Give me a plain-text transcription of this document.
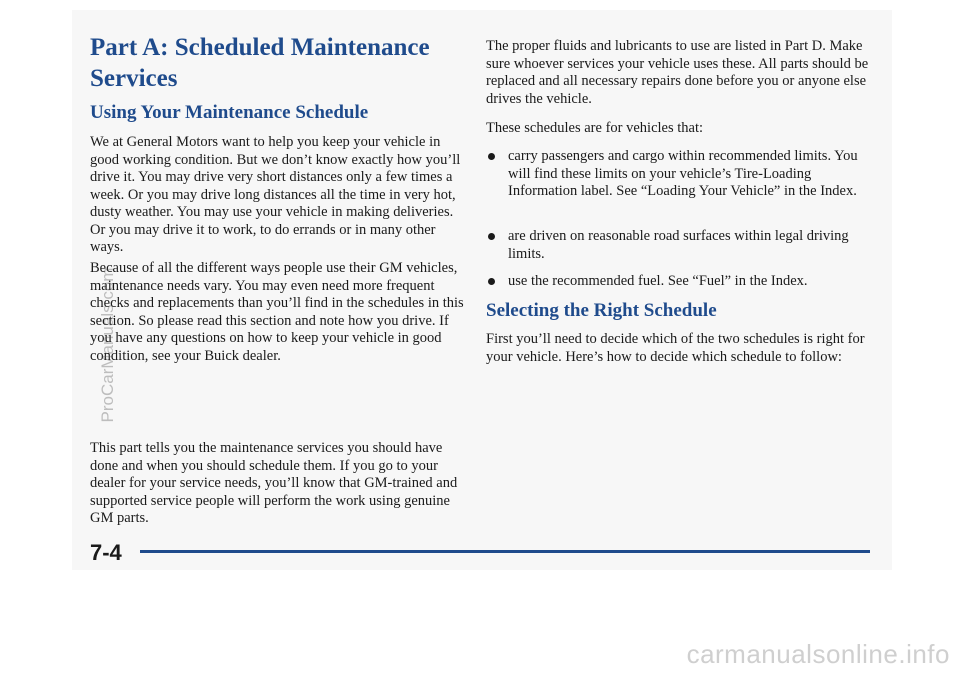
Part A: Scheduled Maintenance Services
Using Your Maintenance Schedule

We at General Motors want to help you keep your vehicle in good working condition. But we don’t know exactly how you’ll drive it. You may drive very short distances only a few times a week. Or you may drive long distances all the time in very hot, dusty weather. You may use your vehicle in making deliveries. Or you may drive it to work, to do errands or in many other ways.

Because of all the different ways people use their GM vehicles, maintenance needs vary. You may even need more frequent checks and replacements than you’ll find in the schedules in this section. So please read this section and note how you drive. If you have any questions on how to keep your vehicle in good condition, see your Buick dealer.

This part tells you the maintenance services you should have done and when you should schedule them. If you go to your dealer for your service needs, you’ll know that GM-trained and supported service people will perform the work using genuine GM parts.

The proper fluids and lubricants to use are listed in Part D. Make sure whoever services your vehicle uses these. All parts should be replaced and all necessary repairs done before you or anyone else drives the vehicle.

These schedules are for vehicles that:

carry passengers and cargo within recommended limits. You will find these limits on your vehicle’s Tire-Loading Information label. See “Loading Your Vehicle” in the Index.
are driven on reasonable road surfaces within legal driving limits.
use the recommended fuel. See “Fuel” in the Index.
Selecting the Right Schedule

First you’ll need to decide which of the two schedules is right for your vehicle. Here’s how to decide which schedule to follow:

7-4
ProCarManuals.com
carmanualsonline.info
